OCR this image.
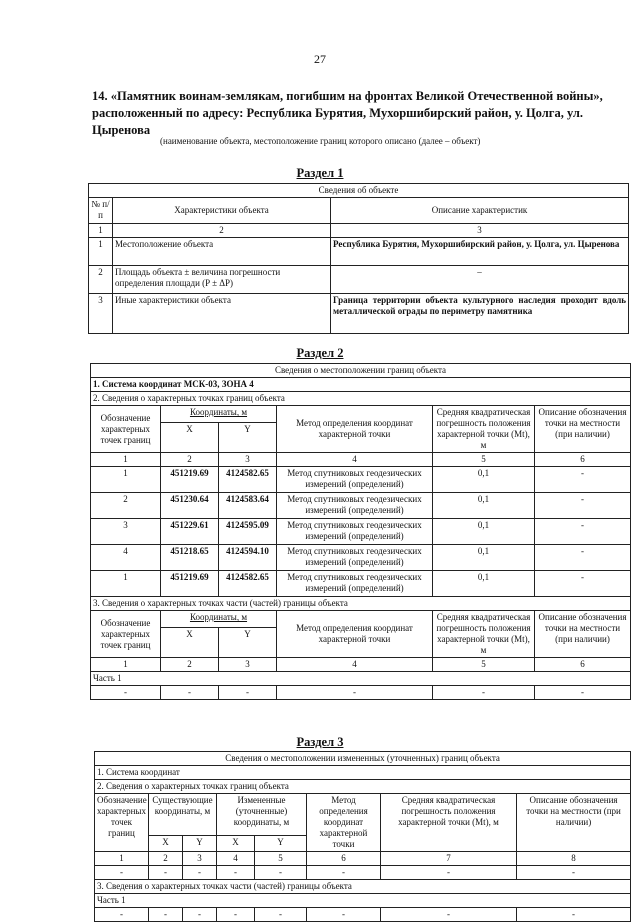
27
14. «Памятник воинам-землякам, погибшим на фронтах Великой Отечественной войны», расположенный по адресу: Республика Бурятия, Мухоршибирский район, у. Цолга, ул. Цыренова
(наименование объекта, местоположение границ которого описано (далее – объект)
Раздел 1
Сведения об объекте		
№ п/п	Характеристики объекта	Описание характеристик
1	2	3
1	Местоположение объекта	Республика Бурятия, Мухоршибирский район, у. Цолга, ул. Цыренова
2	Площадь объекта ± величина погрешности определения площади (P ± ΔP)	–
3	Иные характеристики объекта	Граница территории объекта культурного наследия проходит вдоль металлической ограды по периметру памятника
Раздел 2
Сведения о местоположении границ объекта					
1. Система координат МСК-03, ЗОНА 4					
2. Сведения о характерных точках границ объекта					
Обозначение характерных точек границ	Координаты, м		Метод определения координат характерной точки	Средняя квадратическая погрешность положения характерной точки (Mt), м	Описание обозначения точки на местности (при наличии)
	X	Y			
1	2	3	4	5	6
1	451219.69	4124582.65	Метод спутниковых геодезических измерений (определений)	0,1	-
2	451230.64	4124583.64	Метод спутниковых геодезических измерений (определений)	0,1	-
3	451229.61	4124595.09	Метод спутниковых геодезических измерений (определений)	0,1	-
4	451218.65	4124594.10	Метод спутниковых геодезических измерений (определений)	0,1	-
1	451219.69	4124582.65	Метод спутниковых геодезических измерений (определений)	0,1	-
3. Сведения о характерных точках части (частей) границы объекта					
Обозначение характерных точек границ	Координаты, м		Метод определения координат характерной точки	Средняя квадратическая погрешность положения характерной точки (Mt), м	Описание обозначения точки на местности (при наличии)
	X	Y			
1	2	3	4	5	6
Часть 1					
-	-	-	-	-	-
Раздел 3
Сведения о местоположении измененных (уточненных) границ объекта							
1. Система координат							
2. Сведения о характерных точках границ объекта							
Обозначение характерных точек границ	Существующие координаты, м		Измененные (уточненные) координаты, м		Метод определения координат характерной точки	Средняя квадратическая погрешность положения характерной точки (Mt), м	Описание обозначения точки на местности (при наличии)
	X	Y	X	Y			
1	2	3	4	5	6	7	8
-	-	-	-	-	-	-	-
3. Сведения о характерных точках части (частей) границы объекта							
Часть 1							
-	-	-	-	-	-	-	-
